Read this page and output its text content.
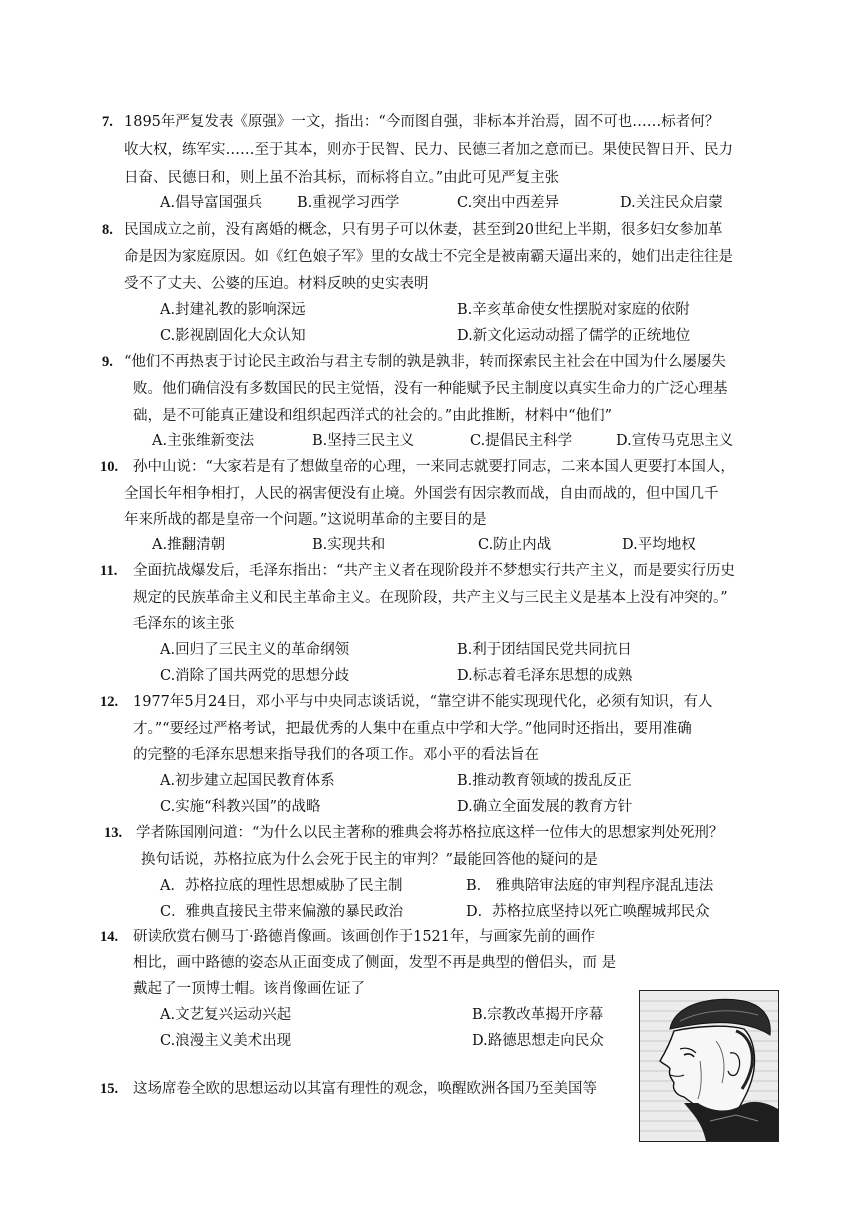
7. 1895年严复发表《原强》一文，指出：“今而图自强，非标本并治焉，固不可也……标者何？
收大权，练军实……至于其本，则亦于民智、民力、民德三者加之意而已。果使民智日开、民力
日奋、民德日和，则上虽不治其标，而标将自立。”由此可见严复主张
A.倡导富国强兵 B.重视学习西学	C.突出中西差异	D.关注民众启蒙
8. 民国成立之前，没有离婚的概念，只有男子可以休妻，甚至到20世纪上半期，很多妇女参加革
命是因为家庭原因。如《红色娘子军》里的女战士不完全是被南霸天逼出来的，她们出走往往是
受不了丈夫、公婆的压迫。材料反映的史实表明
A.封建礼教的影响深远	B.辛亥革命使女性摆脱对家庭的依附
C.影视剧固化大众认知	D.新文化运动动摇了儒学的正统地位
9. “他们不再热衷于讨论民主政治与君主专制的孰是孰非，转而探索民主社会在中国为什么屡屡失
败。他们确信没有多数国民的民主觉悟，没有一种能赋予民主制度以真实生命力的广泛心理基
础，是不可能真正建设和组织起西洋式的社会的。”由此推断，材料中“他们”
A.主张维新变法	B.坚持三民主义	C.提倡民主科学	D.宣传马克思主义
10. 孙中山说：“大家若是有了想做皇帝的心理，一来同志就要打同志，二来本国人更要打本国人，
全国长年相争相打，人民的祸害便没有止境。外国尝有因宗教而战，自由而战的，但中国几千
年来所战的都是皇帝一个问题。”这说明革命的主要目的是
A.推翻清朝	B.实现共和	C.防止内战	D.平均地权
11. 全面抗战爆发后，毛泽东指出：“共产主义者在现阶段并不梦想实行共产主义，而是要实行历史
规定的民族革命主义和民主革命主义。在现阶段，共产主义与三民主义是基本上没有冲突的。”
毛泽东的该主张
A.回归了三民主义的革命纲领	B.利于团结国民党共同抗日
C.消除了国共两党的思想分歧	D.标志着毛泽东思想的成熟
12. 1977年5月24日，邓小平与中央同志谈话说，“靠空讲不能实现现代化，必须有知识，有人
才。”“要经过严格考试，把最优秀的人集中在重点中学和大学。”他同时还指出，要用准确
的完整的毛泽东思想来指导我们的各项工作。邓小平的看法旨在
A.初步建立起国民教育体系	B.推动教育领域的拨乱反正
C.实施“科教兴国”的战略	D.确立全面发展的教育方针
13. 学者陈国刚问道：“为什么以民主著称的雅典会将苏格拉底这样一位伟大的思想家判处死刑？
换句话说，苏格拉底为什么会死于民主的审判？”最能回答他的疑问的是
A．苏格拉底的理性思想威胁了民主制	B． 雅典陪审法庭的审判程序混乱违法
C．雅典直接民主带来偏激的暴民政治	D．苏格拉底坚持以死亡唤醒城邦民众
14. 研读欣赏右侧马丁·路德肖像画。该画创作于1521年，与画家先前的画作
相比，画中路德的姿态从正面变成了侧面，发型不再是典型的僧侣头，而 是
戴起了一顶博士帽。该肖像画佐证了
A.文艺复兴运动兴起	B.宗教改革揭开序幕
C.浪漫主义美术出现	D.路德思想走向民众
15. 这场席卷全欧的思想运动以其富有理性的观念，唤醒欧洲各国乃至美国等
